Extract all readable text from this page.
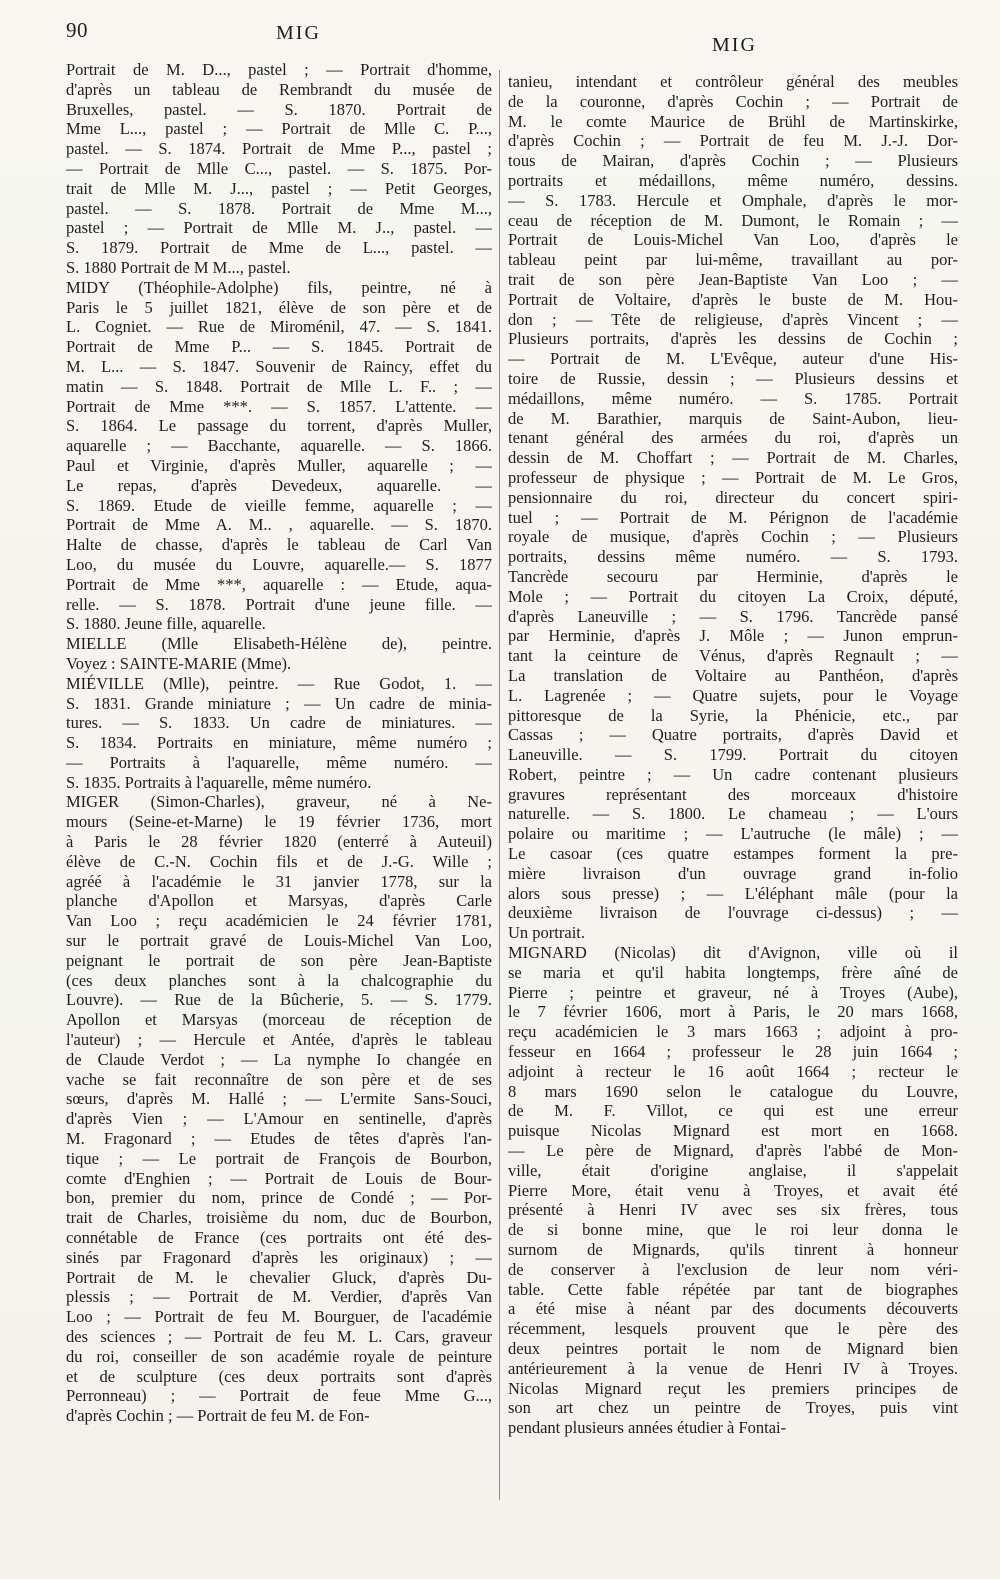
90	MIG
MIG
Portrait de M. D..., pastel ; — Portrait d'homme,
d'après un tableau de Rembrandt du musée de
Bruxelles, pastel. — S. 1870. Portrait de
Mme L..., pastel ; — Portrait de Mlle C. P...,
pastel. — S. 1874. Portrait de Mme P..., pastel ;
— Portrait de Mlle C..., pastel. — S. 1875. Por-
trait de Mlle M. J..., pastel ; — Petit Georges,
pastel. — S. 1878. Portrait de Mme M...,
pastel ; — Portrait de Mlle M. J.., pastel. —
S. 1879. Portrait de Mme de L..., pastel. —
S. 1880 Portrait de M M..., pastel.
MIDY (Théophile-Adolphe) fils, peintre, né à
Paris le 5 juillet 1821, élève de son père et de
L. Cogniet. — Rue de Miroménil, 47. — S. 1841.
Portrait de Mme P... — S. 1845. Portrait de
M. L... — S. 1847. Souvenir de Raincy, effet du
matin — S. 1848. Portrait de Mlle L. F.. ; —
Portrait de Mme ***. — S. 1857. L'attente. —
S. 1864. Le passage du torrent, d'après Muller,
aquarelle ; — Bacchante, aquarelle. — S. 1866.
Paul et Virginie, d'après Muller, aquarelle ; —
Le repas, d'après Devedeux, aquarelle. —
S. 1869. Etude de vieille femme, aquarelle ; —
Portrait de Mme A. M.. , aquarelle. — S. 1870.
Halte de chasse, d'après le tableau de Carl Van
Loo, du musée du Louvre, aquarelle.— S. 1877
Portrait de Mme ***, aquarelle : — Etude, aqua-
relle. — S. 1878. Portrait d'une jeune fille. —
S. 1880. Jeune fille, aquarelle.
MIELLE (Mlle Elisabeth-Hélène de), peintre.
Voyez : SAINTE-MARIE (Mme).
MIÉVILLE (Mlle), peintre. — Rue Godot, 1. —
S. 1831. Grande miniature ; — Un cadre de minia-
tures. — S. 1833. Un cadre de miniatures. —
S. 1834. Portraits en miniature, même numéro ;
— Portraits à l'aquarelle, même numéro. —
S. 1835. Portraits à l'aquarelle, même numéro.
MIGER (Simon-Charles), graveur, né à Ne-
mours (Seine-et-Marne) le 19 février 1736, mort
à Paris le 28 février 1820 (enterré à Auteuil)
élève de C.-N. Cochin fils et de J.-G. Wille ;
agréé à l'académie le 31 janvier 1778, sur la
planche d'Apollon et Marsyas, d'après Carle
Van Loo ; reçu académicien le 24 février 1781,
sur le portrait gravé de Louis-Michel Van Loo,
peignant le portrait de son père Jean-Baptiste
(ces deux planches sont à la chalcographie du
Louvre). — Rue de la Bûcherie, 5. — S. 1779.
Apollon et Marsyas (morceau de réception de
l'auteur) ; — Hercule et Antée, d'après le tableau
de Claude Verdot ; — La nymphe Io changée en
vache se fait reconnaître de son père et de ses
sœurs, d'après M. Hallé ; — L'ermite Sans-Souci,
d'après Vien ; — L'Amour en sentinelle, d'après
M. Fragonard ; — Etudes de têtes d'après l'an-
tique ; — Le portrait de François de Bourbon,
comte d'Enghien ; — Portrait de Louis de Bour-
bon, premier du nom, prince de Condé ; — Por-
trait de Charles, troisième du nom, duc de Bourbon,
connétable de France (ces portraits ont été des-
sinés par Fragonard d'après les originaux) ; —
Portrait de M. le chevalier Gluck, d'après Du-
plessis ; — Portrait de M. Verdier, d'après Van
Loo ; — Portrait de feu M. Bourguer, de l'académie
des sciences ; — Portrait de feu M. L. Cars, graveur
du roi, conseiller de son académie royale de peinture
et de sculpture (ces deux portraits sont d'après
Perronneau) ; — Portrait de feue Mme G...,
d'après Cochin ; — Portrait de feu M. de Fon-
tanieu, intendant et contrôleur général des meubles
de la couronne, d'après Cochin ; — Portrait de
M. le comte Maurice de Brühl de Martinskirke,
d'après Cochin ; — Portrait de feu M. J.-J. Dor-
tous de Mairan, d'après Cochin ; — Plusieurs
portraits et médaillons, même numéro, dessins.
— S. 1783. Hercule et Omphale, d'après le mor-
ceau de réception de M. Dumont, le Romain ; —
Portrait de Louis-Michel Van Loo, d'après le
tableau peint par lui-même, travaillant au por-
trait de son père Jean-Baptiste Van Loo ; —
Portrait de Voltaire, d'après le buste de M. Hou-
don ; — Tête de religieuse, d'après Vincent ; —
Plusieurs portraits, d'après les dessins de Cochin ;
— Portrait de M. L'Evêque, auteur d'une His-
toire de Russie, dessin ; — Plusieurs dessins et
médaillons, même numéro. — S. 1785. Portrait
de M. Barathier, marquis de Saint-Aubon, lieu-
tenant général des armées du roi, d'après un
dessin de M. Choffart ; — Portrait de M. Charles,
professeur de physique ; — Portrait de M. Le Gros,
pensionnaire du roi, directeur du concert spiri-
tuel ; — Portrait de M. Pérignon de l'académie
royale de musique, d'après Cochin ; — Plusieurs
portraits, dessins même numéro. — S. 1793.
Tancrède secouru par Herminie, d'après le
Mole ; — Portrait du citoyen La Croix, député,
d'après Laneuville ; — S. 1796. Tancrède pansé
par Herminie, d'après J. Môle ; — Junon emprun-
tant la ceinture de Vénus, d'après Regnault ; —
La translation de Voltaire au Panthéon, d'après
L. Lagrenée ; — Quatre sujets, pour le Voyage
pittoresque de la Syrie, la Phénicie, etc., par
Cassas ; — Quatre portraits, d'après David et
Laneuville. — S. 1799. Portrait du citoyen
Robert, peintre ; — Un cadre contenant plusieurs
gravures représentant des morceaux d'histoire
naturelle. — S. 1800. Le chameau ; — L'ours
polaire ou maritime ; — L'autruche (le mâle) ; —
Le casoar (ces quatre estampes forment la pre-
mière livraison d'un ouvrage grand in-folio
alors sous presse) ; — L'éléphant mâle (pour la
deuxième livraison de l'ouvrage ci-dessus) ; —
Un portrait.
MIGNARD (Nicolas) dit d'Avignon, ville où il
se maria et qu'il habita longtemps, frère aîné de
Pierre ; peintre et graveur, né à Troyes (Aube),
le 7 février 1606, mort à Paris, le 20 mars 1668,
reçu académicien le 3 mars 1663 ; adjoint à pro-
fesseur en 1664 ; professeur le 28 juin 1664 ;
adjoint à recteur le 16 août 1664 ; recteur le
8 mars 1690 selon le catalogue du Louvre,
de M. F. Villot, ce qui est une erreur
puisque Nicolas Mignard est mort en 1668.
— Le père de Mignard, d'après l'abbé de Mon-
ville, était d'origine anglaise, il s'appelait
Pierre More, était venu à Troyes, et avait été
présenté à Henri IV avec ses six frères, tous
de si bonne mine, que le roi leur donna le
surnom de Mignards, qu'ils tinrent à honneur
de conserver à l'exclusion de leur nom véri-
table. Cette fable répétée par tant de biographes
a été mise à néant par des documents découverts
récemment, lesquels prouvent que le père des
deux peintres portait le nom de Mignard bien
antérieurement à la venue de Henri IV à Troyes.
Nicolas Mignard reçut les premiers principes de
son art chez un peintre de Troyes, puis vint
pendant plusieurs années étudier à Fontai-
